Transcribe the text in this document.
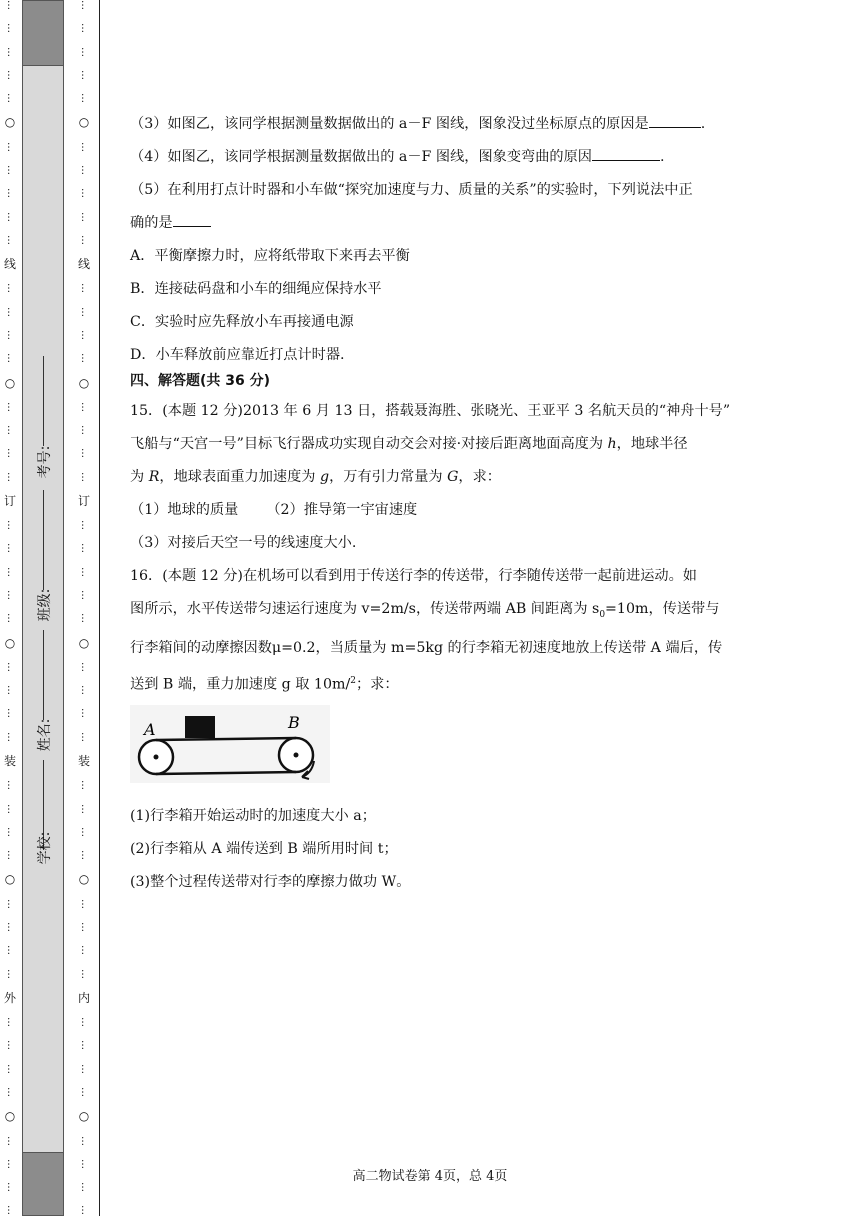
…
…
…
…
…
○
…
…
…
…
…
线
…
…
…
…
○
…
…
…
…
订
…
…
…
…
…
○
…
…
…
…
装
…
…
…
…
○
…
…
…
…
外
…
…
…
…
○
…
…
…
…
考号:
班级:
姓名:
学校:
…
…
…
…
…
○
…
…
…
…
…
线
…
…
…
…
○
…
…
…
…
订
…
…
…
…
…
○
…
…
…
…
装
…
…
…
…
○
…
…
…
…
内
…
…
…
…
○
…
…
…
…

（3）如图乙，该同学根据测量数据做出的 a－F 图线，图象没过坐标原点的原因是	.

（4）如图乙，该同学根据测量数据做出的 a－F 图线，图象变弯曲的原因	.

（5）在利用打点计时器和小车做“探究加速度与力、质量的关系”的实验时，下列说法中正

确的是

A．平衡摩擦力时，应将纸带取下来再去平衡

B．连接砝码盘和小车的细绳应保持水平

C．实验时应先释放小车再接通电源

D．小车释放前应靠近打点计时器.

四、解答题(共 36 分)

15．(本题 12 分)2013 年 6 月 13 日，搭载聂海胜、张晓光、王亚平 3 名航天员的“神舟十号”

飞船与“天宫一号”目标飞行器成功实现自动交会对接·对接后距离地面高度为 h，地球半径

为 R，地球表面重力加速度为 g，万有引力常量为 G，求：

（1）地球的质量 （2）推导第一宇宙速度

（3）对接后天空一号的线速度大小.

16．(本题 12 分)在机场可以看到用于传送行李的传送带，行李随传送带一起前进运动。如

图所示，水平传送带匀速运行速度为 v=2m/s，传送带两端 AB 间距离为 $s_0=10m$，传送带与

行李箱间的动摩擦因数μ=0.2，当质量为 m=5kg 的行李箱无初速度地放上传送带 A 端后，传

送到 B 端，重力加速度 g 取 10m/$^2$；求：

A	B

(1)行李箱开始运动时的加速度大小 a；

(2)行李箱从 A 端传送到 B 端所用时间 t；

(3)整个过程传送带对行李的摩擦力做功 W。

高二物试卷第 4页，总 4页
